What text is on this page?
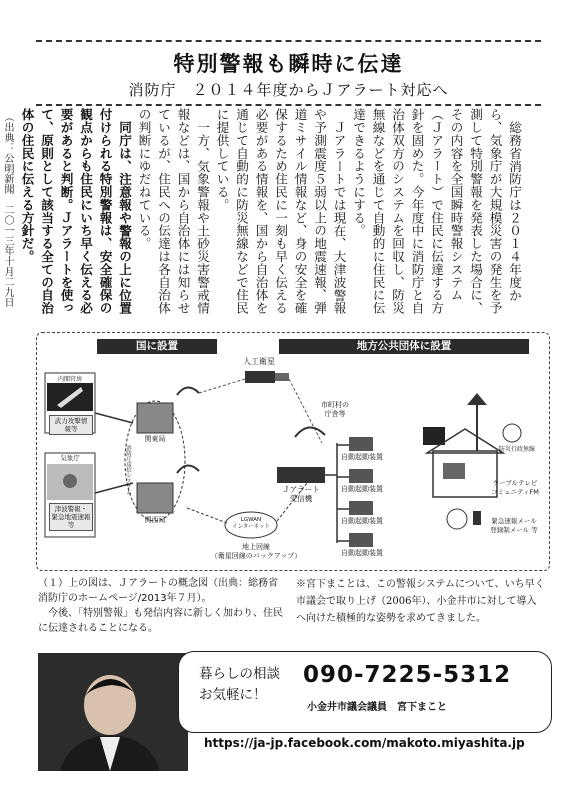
特別警報も瞬時に伝達
消防庁　２０１４年度からＪアラート対応へ

総務省消防庁は２０１４年度から、気象庁が大規模災害の発生を予測して特別警報を発表した場合に、その内容を全国瞬時警報システム（Ｊアラート）で住民に伝達する方針を固めた。今年度中に消防庁と自治体双方のシステムを回収し、防災無線などを通じて自動的に住民に伝達できるようにする。

Ｊアラートでは現在、大津波警報や予測震度５弱以上の地震速報、弾道ミサイル情報など、身の安全を確保するため住民に一刻も早く伝える必要がある情報を、国から自治体を通じて自動的に防災無線などで住民に提供している。

一方、気象警報や土砂災害警戒情報などは、国から自治体には知らせているが、住民への伝達は各自治体の判断にゆだねている。

同庁は、注意報や警報の上に位置付けられる特別警報は、安全確保の観点からも住民にいち早く伝える必要があると判断。Ｊアラートを使って、原則として該当する全ての自治体の住民に伝える方針だ。

（出典：公明新聞　二〇一三年十月二九日

国に設置	地方公共団体に設置
人工衛星
内閣官房
武力攻撃情
報等
気象庁
津波警報・
緊急地震速報
等
関東局
関西局
消防庁送信システム
市町村の
庁舎等
Ｊアラート
受信機
LGWAN
インターネット
地上回線
（衛星回線のバックアップ）
自動起動装置
自動起動装置
自動起動装置
自動起動装置
防災行政無線
ケーブルテレビ
コミュニティFM
緊急速報メール
登録制メール 等

（１）上の図は、Ｊアラートの概念図（出典：総務省消防庁のホームページ/2013年７月）。

今後、「特別警報」も発信内容に新しく加わり、住民に伝達されることになる。

※宮下まことは、この警報システムについて、いち早く市議会で取り上げ（2006年）、小金井市に対して導入へ向けた積極的な姿勢を求めてきました。
暮らしの相談
お気軽に！
090-7225-5312
小金井市議会議員　宮下まこと
https://ja-jp.facebook.com/makoto.miyashita.jp
